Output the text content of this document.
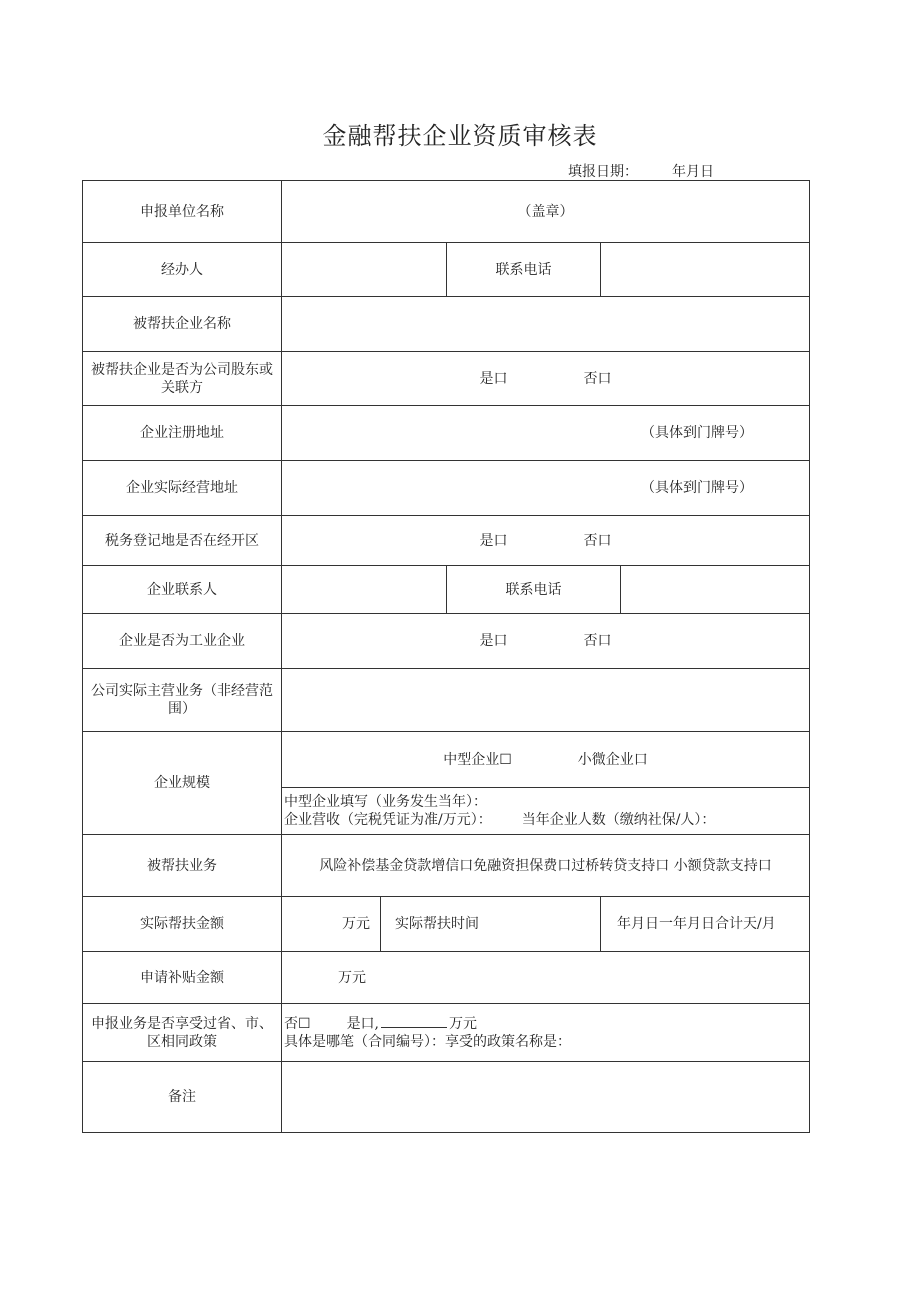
金融帮扶企业资质审核表
填报日期： 年月日
申报单位名称	（盖章）				
经办人			联系电话		
被帮扶企业名称					
被帮扶企业是否为公司股东或关联方	是口 否口				
企业注册地址	（具体到门牌号）				
企业实际经营地址	（具体到门牌号）				
税务登记地是否在经开区	是口 否口				
企业联系人			联系电话		
企业是否为工业企业	是口 否口				
公司实际主营业务（非经营范围）					
企业规模	中型企业☐ 小微企业口				

	中型企业填写（业务发生当年）：
企业营收（完税凭证为准/万元）： 当年企业人数（缴纳社保/人）：				

被帮扶业务	风险补偿基金贷款增信口免融资担保费口过桥转贷支持口 小额贷款支持口				
实际帮扶金额	万元	实际帮扶时间		年月日一年月日合计天/月	
申请补贴金额	万元				
申报业务是否享受过省、市、区相同政策	否☐ 是口, 万元
具体是哪笔（合同编号）：享受的政策名称是：				

备注					
